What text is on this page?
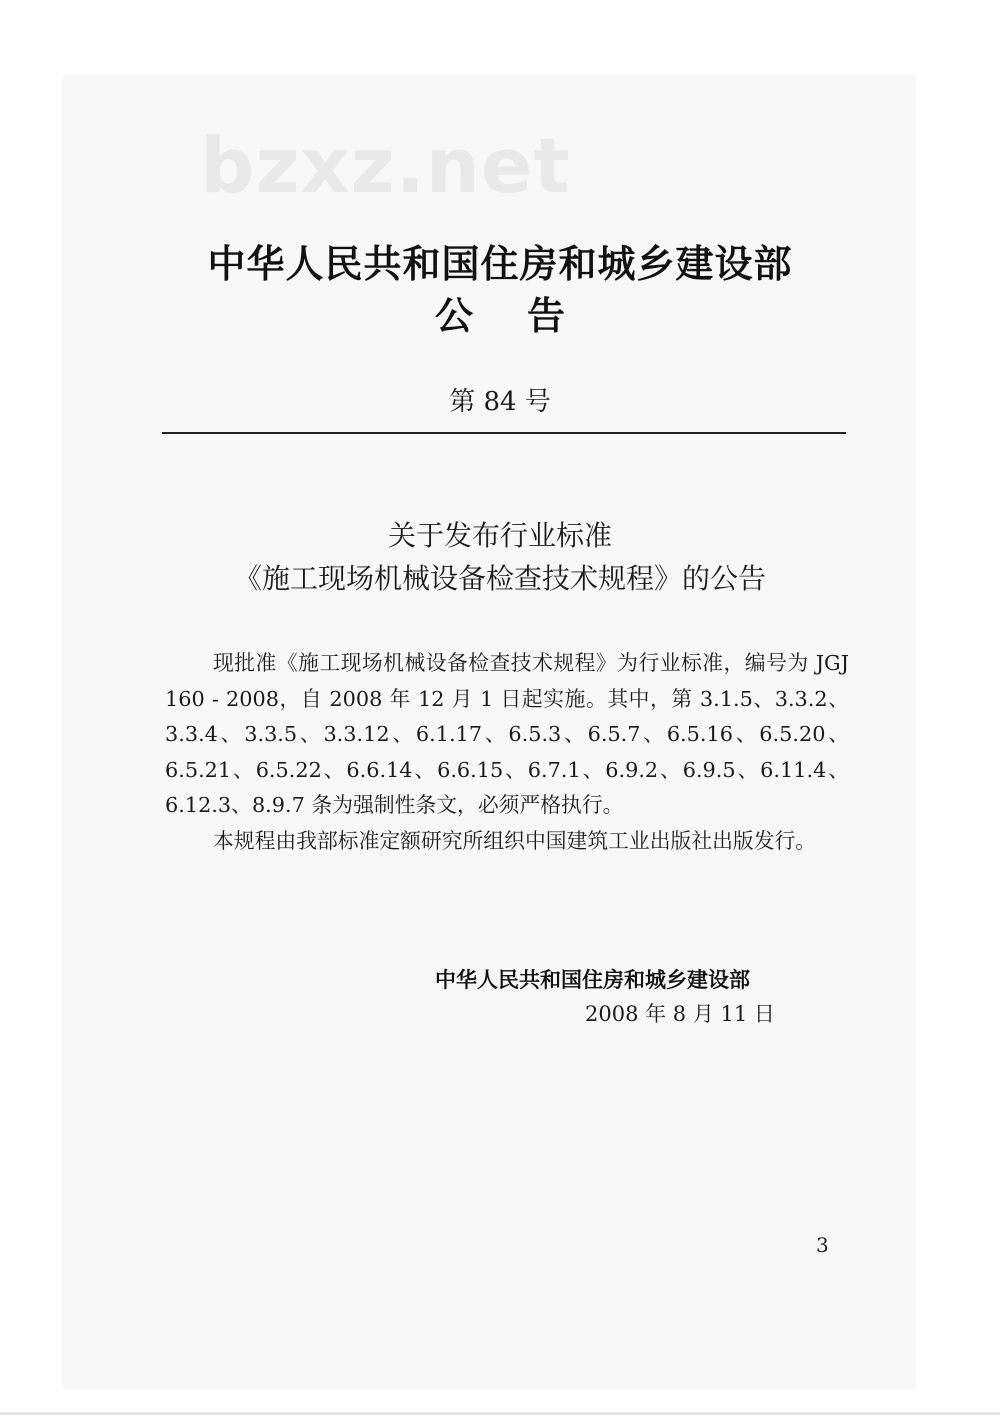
bzxz.net
中华人民共和国住房和城乡建设部
公告
第 84 号
关于发布行业标准
《施工现场机械设备检查技术规程》的公告

现批准《施工现场机械设备检查技术规程》为行业标准，编号为 JGJ 160 - 2008，自 2008 年 12 月 1 日起实施。其中，第 3.1.5、3.3.2、3.3.4、3.3.5、3.3.12、6.1.17、6.5.3、6.5.7、6.5.16、6.5.20、6.5.21、6.5.22、6.6.14、6.6.15、6.7.1、6.9.2、6.9.5、6.11.4、6.12.3、8.9.7 条为强制性条文，必须严格执行。

本规程由我部标准定额研究所组织中国建筑工业出版社出版发行。

中华人民共和国住房和城乡建设部
2008 年 8 月 11 日
3
